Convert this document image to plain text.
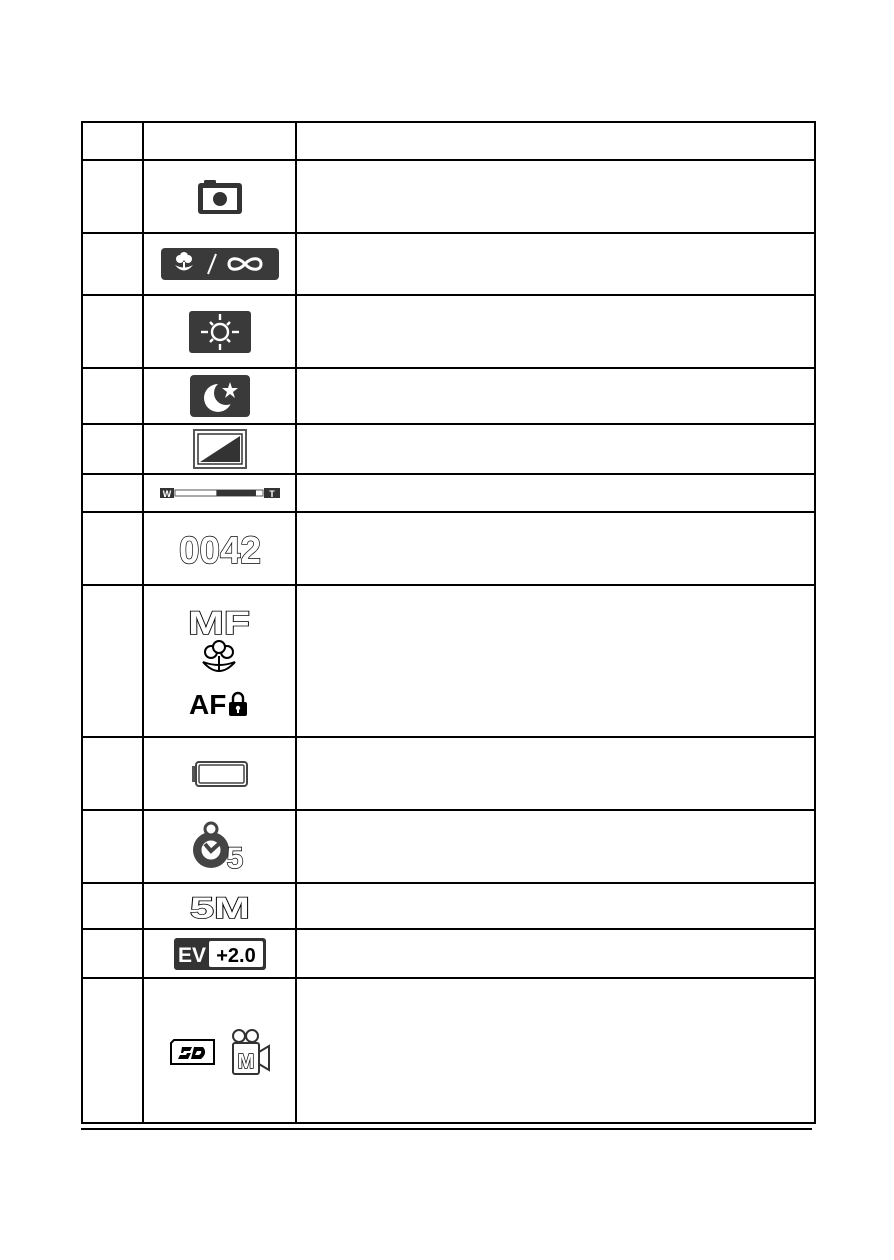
W T	

0042	

MF
AF	

5	

5M	

EV +2.0	

M	
